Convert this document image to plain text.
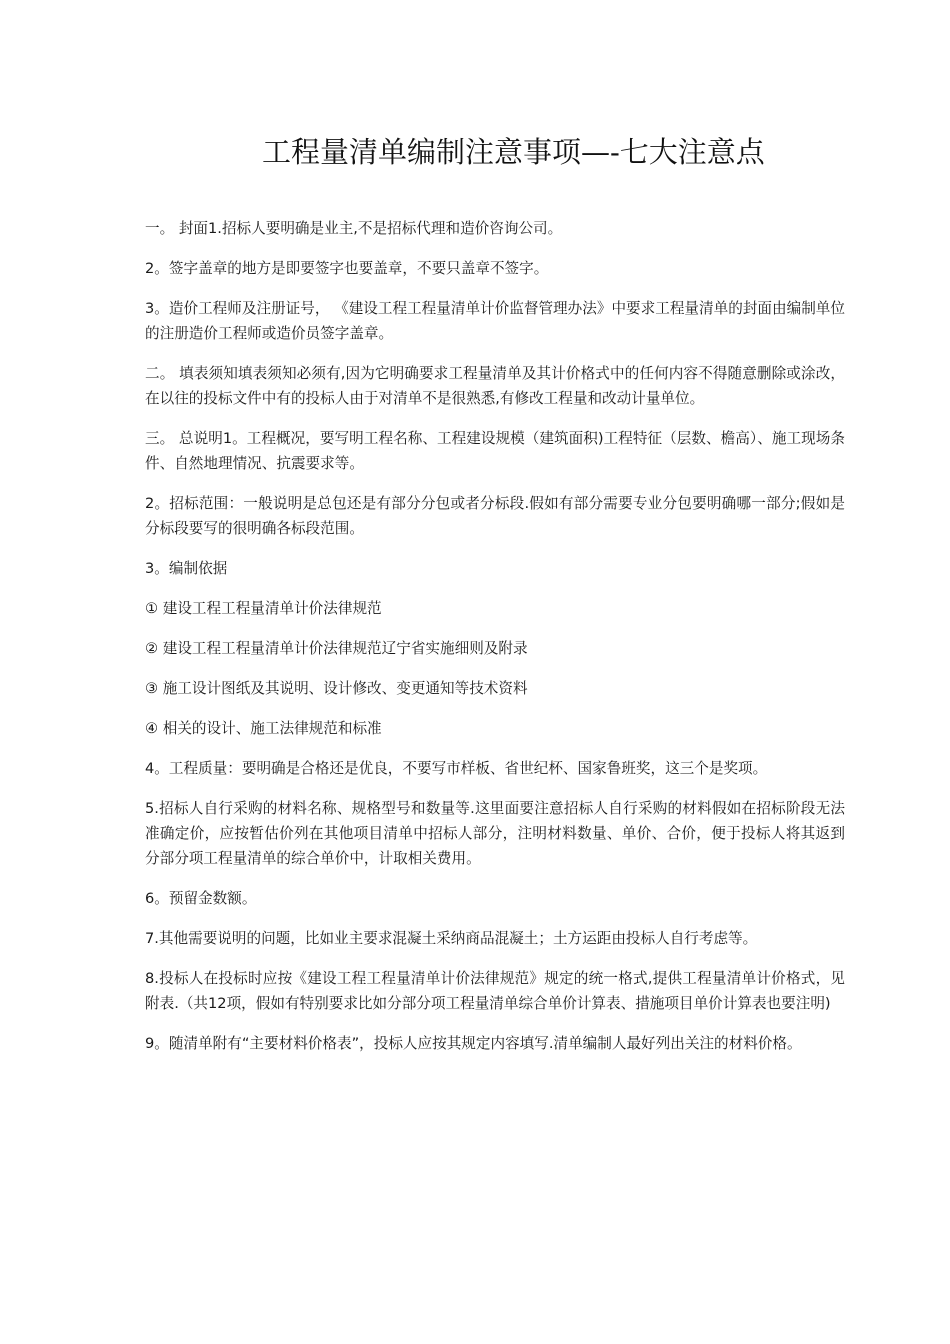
工程量清单编制注意事项—-七大注意点

一。 封面1.招标人要明确是业主,不是招标代理和造价咨询公司。

2。签字盖章的地方是即要签字也要盖章，不要只盖章不签字。

3。造价工程师及注册证号， 《建设工程工程量清单计价监督管理办法》中要求工程量清单的封面由编制单位的注册造价工程师或造价员签字盖章。

二。 填表须知填表须知必须有,因为它明确要求工程量清单及其计价格式中的任何内容不得随意删除或涂改，在以往的投标文件中有的投标人由于对清单不是很熟悉,有修改工程量和改动计量单位。

三。 总说明1。工程概况，要写明工程名称、工程建设规模（建筑面积)工程特征（层数、檐高）、施工现场条件、自然地理情况、抗震要求等。

2。招标范围：一般说明是总包还是有部分分包或者分标段.假如有部分需要专业分包要明确哪一部分;假如是分标段要写的很明确各标段范围。

3。编制依据

① 建设工程工程量清单计价法律规范

② 建设工程工程量清单计价法律规范辽宁省实施细则及附录

③ 施工设计图纸及其说明、设计修改、变更通知等技术资料

④ 相关的设计、施工法律规范和标准

4。工程质量：要明确是合格还是优良，不要写市样板、省世纪杯、国家鲁班奖，这三个是奖项。

5.招标人自行采购的材料名称、规格型号和数量等.这里面要注意招标人自行采购的材料假如在招标阶段无法准确定价，应按暂估价列在其他项目清单中招标人部分，注明材料数量、单价、合价，便于投标人将其返到分部分项工程量清单的综合单价中，计取相关费用。

6。预留金数额。

7.其他需要说明的问题，比如业主要求混凝土采纳商品混凝土；土方运距由投标人自行考虑等。

8.投标人在投标时应按《建设工程工程量清单计价法律规范》规定的统一格式,提供工程量清单计价格式，见附表.（共12项，假如有特别要求比如分部分项工程量清单综合单价计算表、措施项目单价计算表也要注明)

9。随清单附有“主要材料价格表”，投标人应按其规定内容填写.清单编制人最好列出关注的材料价格。
